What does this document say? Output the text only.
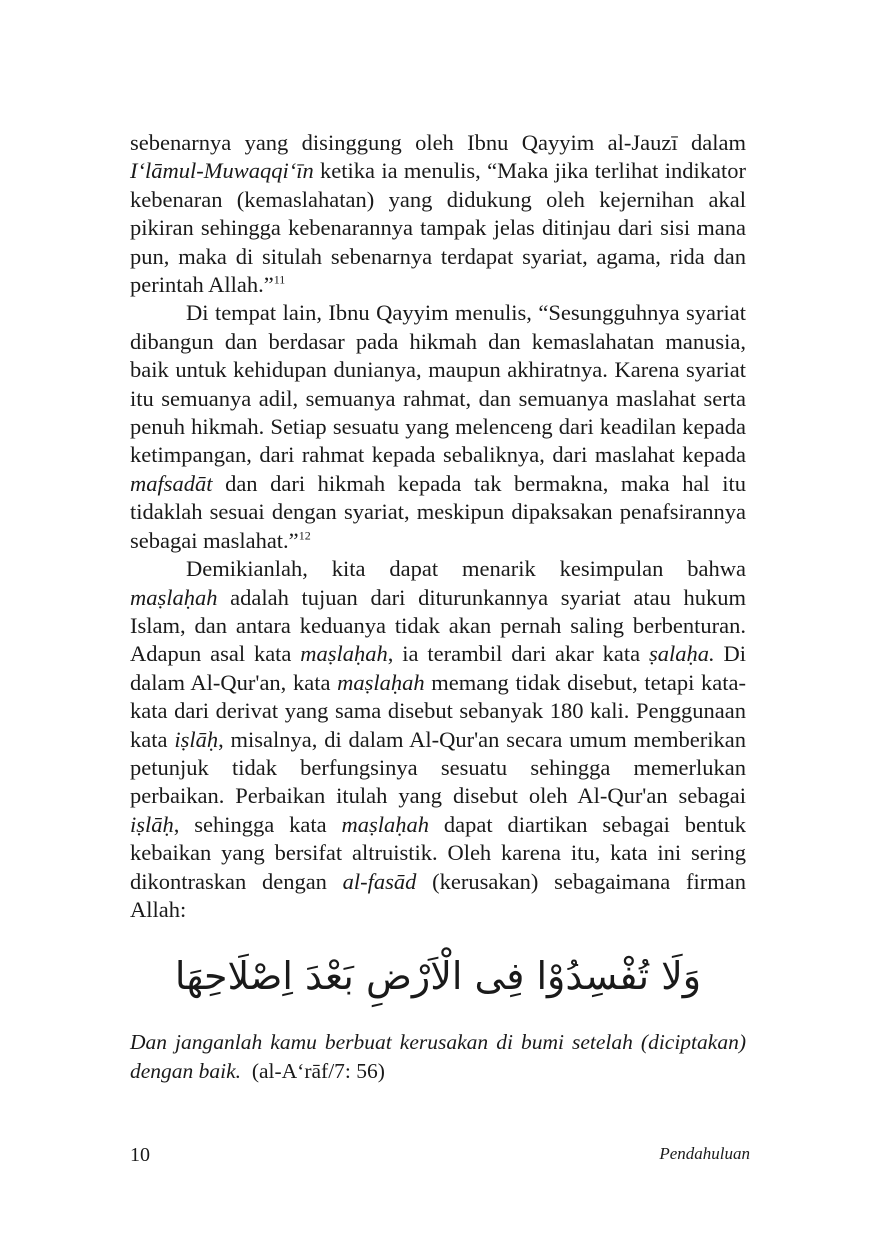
sebenarnya yang disinggung oleh Ibnu Qayyim al-Jauzī dalam I‘lāmul-Muwaqqi‘īn ketika ia menulis, “Maka jika terlihat indikator kebenaran (kemaslahatan) yang didukung oleh kejernihan akal pikiran sehingga kebenarannya tampak jelas ditinjau dari sisi mana pun, maka di situlah sebenarnya terdapat syariat, agama, rida dan perintah Allah.”$^{11}$

Di tempat lain, Ibnu Qayyim menulis, “Sesungguhnya syariat dibangun dan berdasar pada hikmah dan kemaslahatan manusia, baik untuk kehidupan dunianya, maupun akhiratnya. Karena syariat itu semuanya adil, semuanya rahmat, dan semuanya maslahat serta penuh hikmah. Setiap sesuatu yang melenceng dari keadilan kepada ketimpangan, dari rahmat kepada sebaliknya, dari maslahat kepada mafsadāt dan dari hikmah kepada tak bermakna, maka hal itu tidaklah sesuai dengan syariat, meskipun dipaksakan penafsirannya sebagai maslahat.”$^{12}$

Demikianlah, kita dapat menarik kesimpulan bahwa maṣlaḥah adalah tujuan dari diturunkannya syariat atau hukum Islam, dan antara keduanya tidak akan pernah saling berbenturan. Adapun asal kata maṣlaḥah, ia terambil dari akar kata ṣalaḥa. Di dalam Al-Qur'an, kata maṣlaḥah memang tidak disebut, tetapi kata-kata dari derivat yang sama disebut sebanyak 180 kali. Penggunaan kata iṣlāḥ, misalnya, di dalam Al-Qur'an secara umum memberikan petunjuk tidak berfungsinya sesuatu sehingga memerlukan perbaikan. Perbaikan itulah yang disebut oleh Al-Qur'an sebagai iṣlāḥ, sehingga kata maṣlaḥah dapat diartikan sebagai bentuk kebaikan yang bersifat altruistik. Oleh karena itu, kata ini sering dikontraskan dengan al-fasād (kerusakan) sebagaimana firman Allah:

وَلَا تُفْسِدُوْا فِى الْاَرْضِ بَعْدَ اِصْلَاحِهَا

Dan janganlah kamu berbuat kerusakan di bumi setelah (diciptakan) dengan baik. (al-A‘rāf/7: 56)

10	Pendahuluan
